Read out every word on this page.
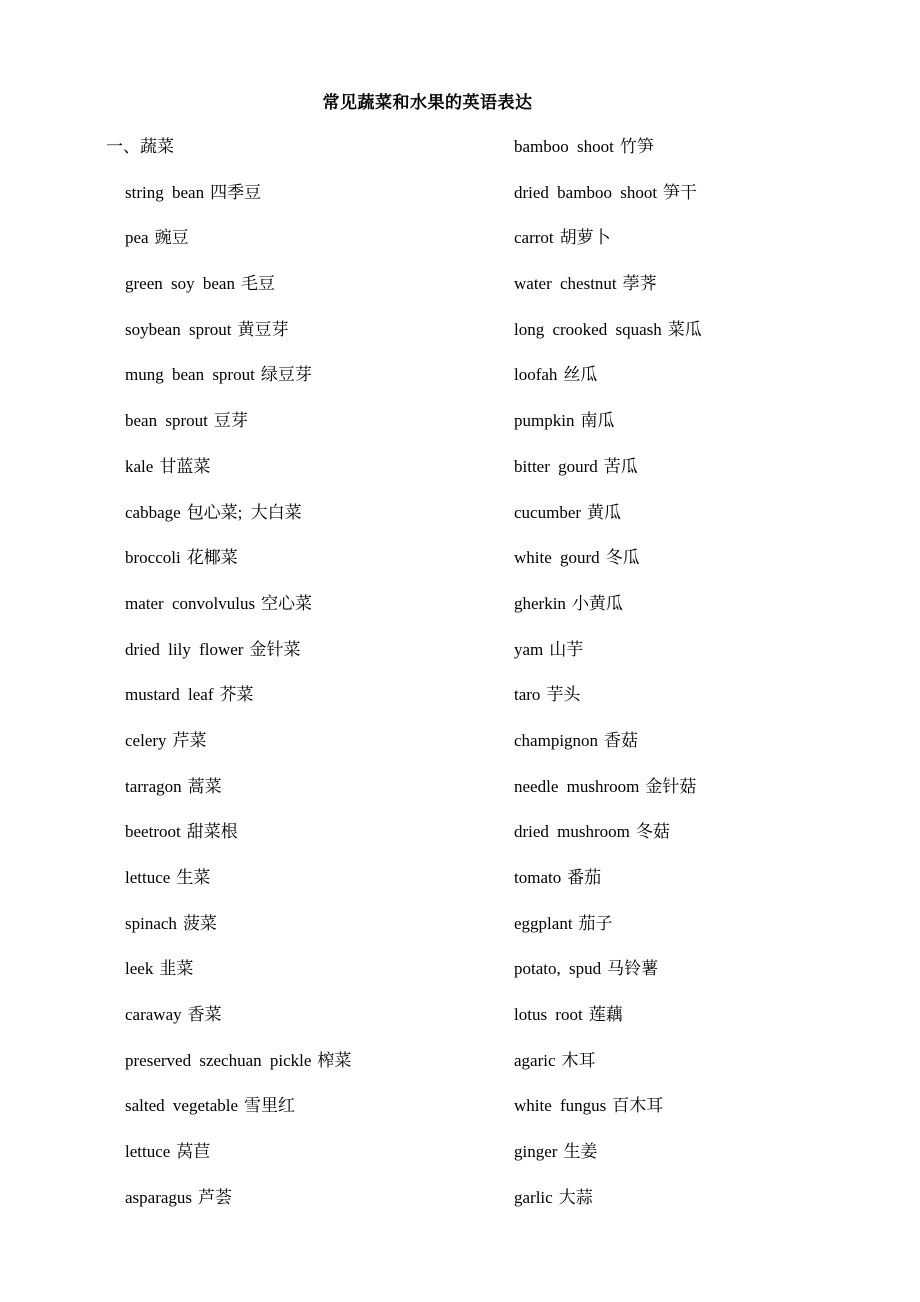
常见蔬菜和水果的英语表达
一、蔬菜
string bean 四季豆
pea 豌豆
green soy bean 毛豆
soybean sprout 黄豆芽
mung bean sprout 绿豆芽
bean sprout 豆芽
kale 甘蓝菜
cabbage 包心菜; 大白菜
broccoli 花椰菜
mater convolvulus 空心菜
dried lily flower 金针菜
mustard leaf 芥菜
celery 芹菜
tarragon 蒿菜
beetroot 甜菜根
lettuce 生菜
spinach 菠菜
leek 韭菜
caraway 香菜
preserved szechuan pickle 榨菜
salted vegetable 雪里红
lettuce 莴苣
asparagus 芦荟
bamboo shoot 竹笋
dried bamboo shoot 笋干
carrot 胡萝卜
water chestnut 荸荠
long crooked squash 菜瓜
loofah 丝瓜
pumpkin 南瓜
bitter gourd 苦瓜
cucumber 黄瓜
white gourd 冬瓜
gherkin 小黄瓜
yam 山芋
taro 芋头
champignon 香菇
needle mushroom 金针菇
dried mushroom 冬菇
tomato 番茄
eggplant 茄子
potato, spud 马铃薯
lotus root 莲藕
agaric 木耳
white fungus 百木耳
ginger 生姜
garlic 大蒜
